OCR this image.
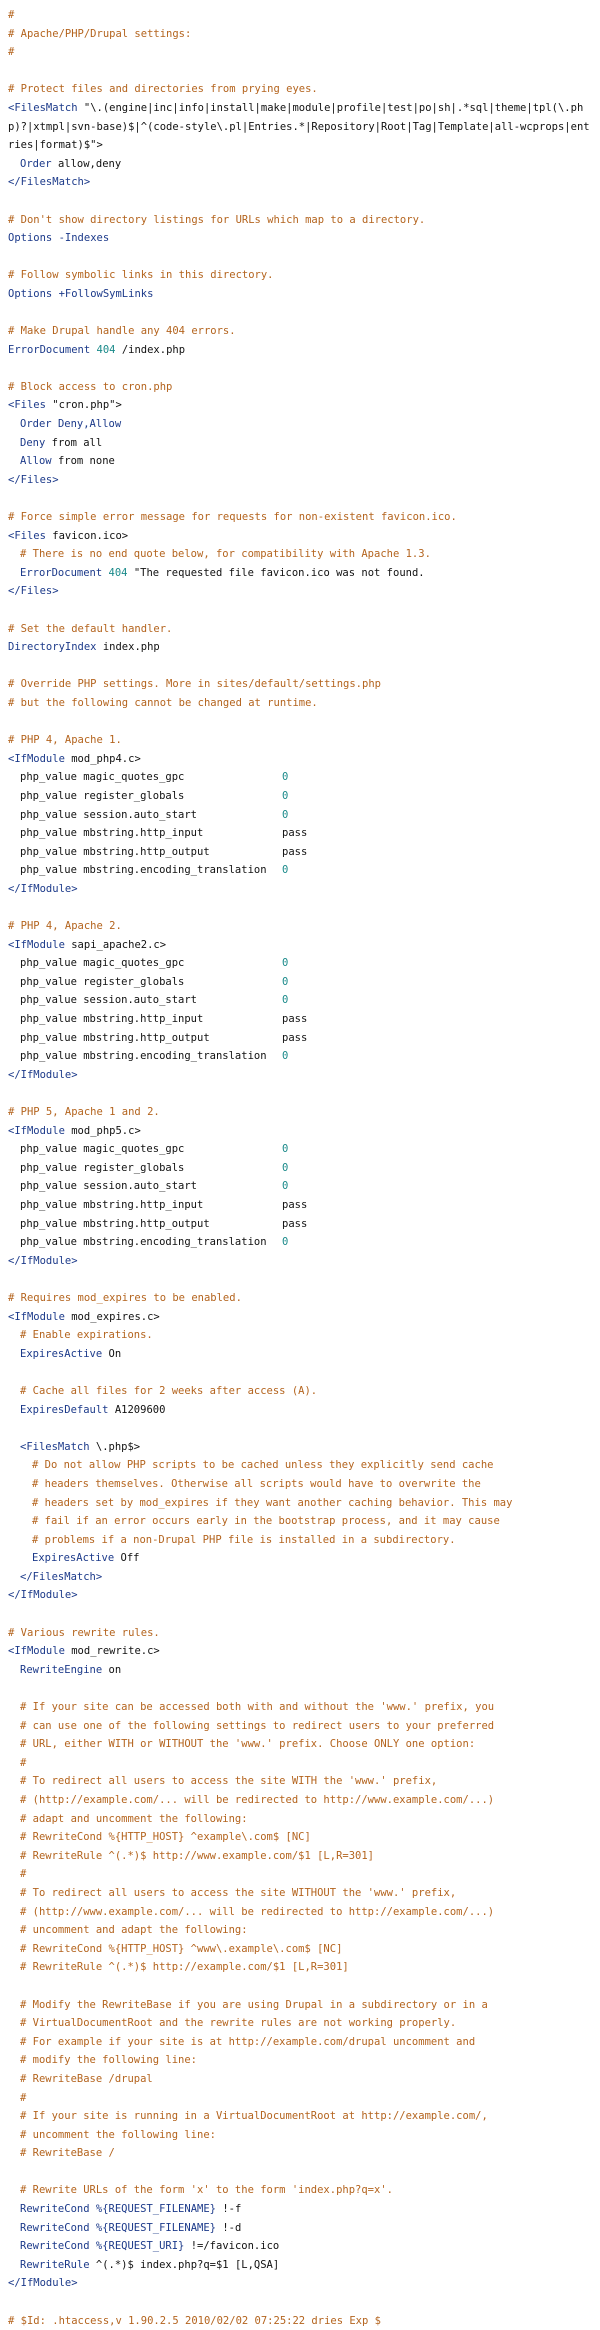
#
# Apache/PHP/Drupal settings:
#
# Protect files and directories from prying eyes.
<FilesMatch "\.(engine|inc|info|install|make|module|profile|test|po|sh|.*sql|theme|tpl(\.php)?|xtmpl|svn-base)$|^(code-style\.pl|Entries.*|Repository|Root|Tag|Template|all-wcprops|entries|format)$">
Order allow,deny
</FilesMatch>
# Don't show directory listings for URLs which map to a directory.
Options -Indexes
# Follow symbolic links in this directory.
Options +FollowSymLinks
# Make Drupal handle any 404 errors.
ErrorDocument 404 /index.php
# Block access to cron.php
<Files "cron.php">
Order Deny,Allow
Deny from all
Allow from none
</Files>
# Force simple error message for requests for non-existent favicon.ico.
<Files favicon.ico>
# There is no end quote below, for compatibility with Apache 1.3.
ErrorDocument 404 "The requested file favicon.ico was not found.
</Files>
# Set the default handler.
DirectoryIndex index.php
# Override PHP settings. More in sites/default/settings.php
# but the following cannot be changed at runtime.
# PHP 4, Apache 1.
<IfModule mod_php4.c>
php_value magic_quotes_gpc	0
php_value register_globals	0
php_value session.auto_start	0
php_value mbstring.http_input	pass
php_value mbstring.http_output	pass
php_value mbstring.encoding_translation 0
</IfModule>
# PHP 4, Apache 2.
<IfModule sapi_apache2.c>
php_value magic_quotes_gpc	0
php_value register_globals	0
php_value session.auto_start	0
php_value mbstring.http_input	pass
php_value mbstring.http_output	pass
php_value mbstring.encoding_translation 0
</IfModule>
# PHP 5, Apache 1 and 2.
<IfModule mod_php5.c>
php_value magic_quotes_gpc	0
php_value register_globals	0
php_value session.auto_start	0
php_value mbstring.http_input	pass
php_value mbstring.http_output	pass
php_value mbstring.encoding_translation 0
</IfModule>
# Requires mod_expires to be enabled.
<IfModule mod_expires.c>
# Enable expirations.
ExpiresActive On
# Cache all files for 2 weeks after access (A).
ExpiresDefault A1209600
<FilesMatch \.php$>
# Do not allow PHP scripts to be cached unless they explicitly send cache
# headers themselves. Otherwise all scripts would have to overwrite the
# headers set by mod_expires if they want another caching behavior. This may
# fail if an error occurs early in the bootstrap process, and it may cause
# problems if a non-Drupal PHP file is installed in a subdirectory.
ExpiresActive Off
</FilesMatch>
</IfModule>
# Various rewrite rules.
<IfModule mod_rewrite.c>
RewriteEngine on
# If your site can be accessed both with and without the 'www.' prefix, you
# can use one of the following settings to redirect users to your preferred
# URL, either WITH or WITHOUT the 'www.' prefix. Choose ONLY one option:
#
# To redirect all users to access the site WITH the 'www.' prefix,
# (http://example.com/... will be redirected to http://www.example.com/...)
# adapt and uncomment the following:
# RewriteCond %{HTTP_HOST} ^example\.com$ [NC]
# RewriteRule ^(.*)$ http://www.example.com/$1 [L,R=301]
#
# To redirect all users to access the site WITHOUT the 'www.' prefix,
# (http://www.example.com/... will be redirected to http://example.com/...)
# uncomment and adapt the following:
# RewriteCond %{HTTP_HOST} ^www\.example\.com$ [NC]
# RewriteRule ^(.*)$ http://example.com/$1 [L,R=301]
# Modify the RewriteBase if you are using Drupal in a subdirectory or in a
# VirtualDocumentRoot and the rewrite rules are not working properly.
# For example if your site is at http://example.com/drupal uncomment and
# modify the following line:
# RewriteBase /drupal
#
# If your site is running in a VirtualDocumentRoot at http://example.com/,
# uncomment the following line:
# RewriteBase /
# Rewrite URLs of the form 'x' to the form 'index.php?q=x'.
RewriteCond %{REQUEST_FILENAME} !-f
RewriteCond %{REQUEST_FILENAME} !-d
RewriteCond %{REQUEST_URI} !=/favicon.ico
RewriteRule ^(.*)$ index.php?q=$1 [L,QSA]
</IfModule>
# $Id: .htaccess,v 1.90.2.5 2010/02/02 07:25:22 dries Exp $
